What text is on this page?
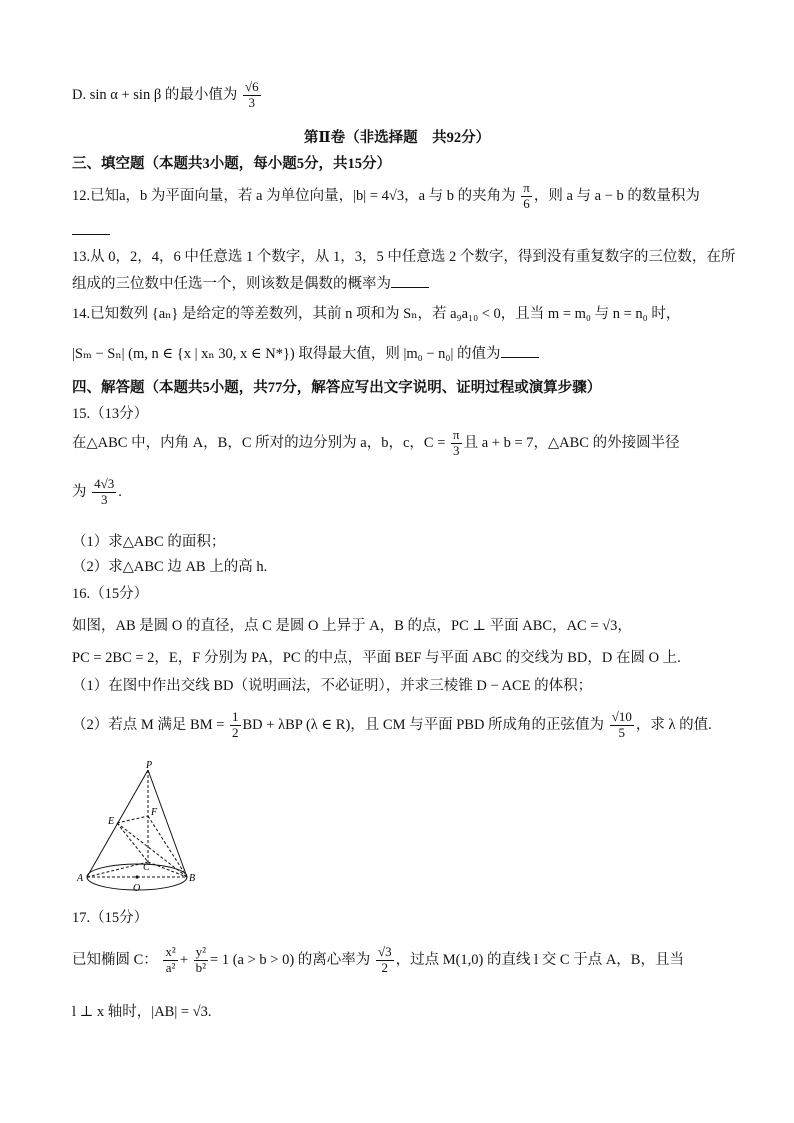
D. sin α + sin β 的最小值为 $\frac{√6}{3}$
第Ⅱ卷（非选择题　共92分）
三、填空题（本题共3小题，每小题5分，共15分）
12.已知a，b 为平面向量，若 a 为单位向量，|b| = 4√3，a 与 b 的夹角为 $\frac{\pi}{6}$ ，则 a 与 a − b 的数量积为
13.从 0，2，4，6 中任意选 1 个数字，从 1，3，5 中任意选 2 个数字，得到没有重复数字的三位数，在所
组成的三位数中任选一个，则该数是偶数的概率为
14.已知数列 {aₙ} 是给定的等差数列，其前 n 项和为 Sₙ，若 a₉a₁₀ < 0，且当 m = m₀ 与 n = n₀ 时，
|Sₘ − Sₙ| (m, n ∈ {x | xₙ 30, x ∈ N*}) 取得最大值，则 |m₀ − n₀| 的值为
四、解答题（本题共5小题，共77分，解答应写出文字说明、证明过程或演算步骤）
15.（13分）
在△ABC 中，内角 A，B，C 所对的边分别为 a，b，c，$C = \frac{\pi}{3}$ 且 a + b = 7，△ABC 的外接圆半径
为 $\frac{4√3}{3}$ .
（1）求△ABC 的面积；
（2）求△ABC 边 AB 上的高 h.
16.（15分）
如图，AB 是圆 O 的直径，点 C 是圆 O 上异于 A，B 的点，PC ⊥ 平面 ABC，AC = √3，
PC = 2BC = 2，E，F 分别为 PA，PC 的中点，平面 BEF 与平面 ABC 的交线为 BD，D 在圆 O 上.
（1）在图中作出交线 BD（说明画法，不必证明），并求三棱锥 D − ACE 的体积；
（2）若点 M 满足 BM = $\frac{1}{2}$ BD + λBP (λ ∈ R)，且 CM 与平面 PBD 所成角的正弦值为 $\frac{√10}{5}$ ，求 λ 的值.
P
E
F
C
A
O
B
17.（15分）
已知椭圆 C： $\frac{\text{x²}}{\text{a²}} + \frac{\text{y²}}{\text{b²}} = 1$ (a > b > 0) 的离心率为 $\frac{√3}{2}$ ，过点 M(1,0) 的直线 l 交 C 于点 A，B，且当
l ⊥ x 轴时，|AB| = √3.
